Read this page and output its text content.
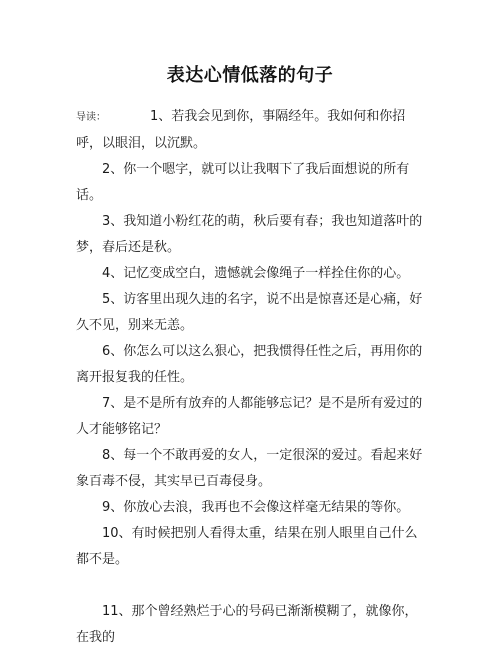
表达心情低落的句子

导读：	1、若我会见到你，事隔经年。我如何和你招呼，以眼泪，以沉默。

2、你一个嗯字，就可以让我咽下了我后面想说的所有话。

3、我知道小粉红花的萌，秋后要有春；我也知道落叶的梦，春后还是秋。

4、记忆变成空白，遗憾就会像绳子一样拴住你的心。

5、访客里出现久违的名字，说不出是惊喜还是心痛，好久不见，别来无恙。

6、你怎么可以这么狠心，把我惯得任性之后，再用你的离开报复我的任性。

7、是不是所有放弃的人都能够忘记？是不是所有爱过的人才能够铭记？

8、每一个不敢再爱的女人，一定很深的爱过。看起来好象百毒不侵，其实早已百毒侵身。

9、你放心去浪，我再也不会像这样毫无结果的等你。

10、有时候把别人看得太重，结果在别人眼里自己什么都不是。

11、那个曾经熟烂于心的号码已渐渐模糊了，就像你，在我的
